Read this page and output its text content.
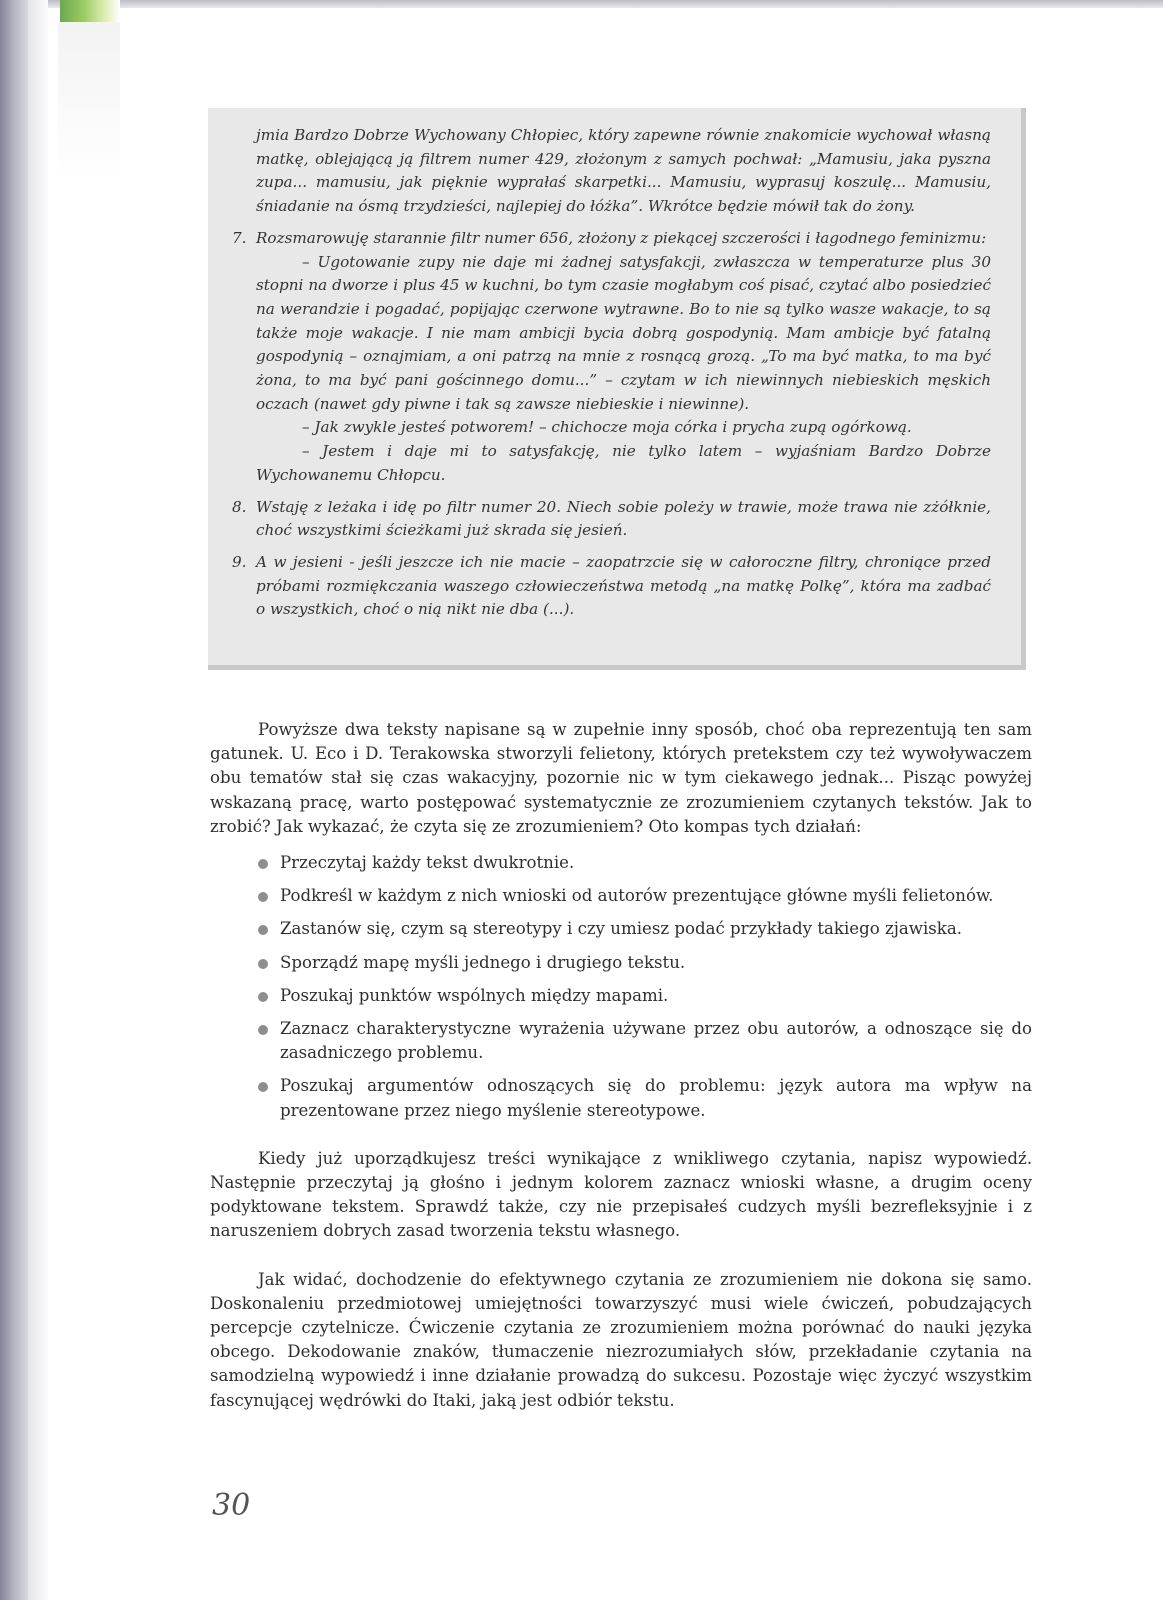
jmia Bardzo Dobrze Wychowany Chłopiec, który zapewne równie znakomicie wychował własną matkę, oblejającą ją filtrem numer 429, złożonym z samych pochwał: „Mamusiu, jaka pyszna zupa... mamusiu, jak pięknie wyprałaś skarpetki... Mamusiu, wyprasuj koszulę... Mamusiu, śniadanie na ósmą trzydzieści, najlepiej do łóżka”. Wkrótce będzie mówił tak do żony.

7. Rozsmarowuję starannie filtr numer 656, złożony z piekącej szczerości i łagodnego feminizmu:

– Ugotowanie zupy nie daje mi żadnej satysfakcji, zwłaszcza w temperaturze plus 30 stopni na dworze i plus 45 w kuchni, bo tym czasie mogłabym coś pisać, czytać albo posiedzieć na werandzie i pogadać, popijając czerwone wytrawne. Bo to nie są tylko wasze wakacje, to są także moje wakacje. I nie mam ambicji bycia dobrą gospodynią. Mam ambicje być fatalną gospodynią – oznajmiam, a oni patrzą na mnie z rosnącą grozą. „To ma być matka, to ma być żona, to ma być pani gościnnego domu...” – czytam w ich niewinnych niebieskich męskich oczach (nawet gdy piwne i tak są zawsze niebieskie i niewinne).

– Jak zwykle jesteś potworem! – chichocze moja córka i prycha zupą ogórkową.

– Jestem i daje mi to satysfakcję, nie tylko latem – wyjaśniam Bardzo Dobrze Wychowanemu Chłopcu.

8. Wstaję z leżaka i idę po filtr numer 20. Niech sobie poleży w trawie, może trawa nie zżółknie, choć wszystkimi ścieżkami już skrada się jesień.

9. A w jesieni - jeśli jeszcze ich nie macie – zaopatrzcie się w całoroczne filtry, chroniące przed próbami rozmiękczania waszego człowieczeństwa metodą „na matkę Polkę”, która ma zadbać o wszystkich, choć o nią nikt nie dba (...).

Powyższe dwa teksty napisane są w zupełnie inny sposób, choć oba reprezentują ten sam gatunek. U. Eco i D. Terakowska stworzyli felietony, których pretekstem czy też wywoływaczem obu tematów stał się czas wakacyjny, pozornie nic w tym ciekawego jednak... Pisząc powyżej wskazaną pracę, warto postępować systematycznie ze zrozumieniem czytanych tekstów. Jak to zrobić? Jak wykazać, że czyta się ze zrozumieniem? Oto kompas tych działań:

Przeczytaj każdy tekst dwukrotnie.
Podkreśl w każdym z nich wnioski od autorów prezentujące główne myśli felietonów.
Zastanów się, czym są stereotypy i czy umiesz podać przykłady takiego zjawiska.
Sporządź mapę myśli jednego i drugiego tekstu.
Poszukaj punktów wspólnych między mapami.
Zaznacz charakterystyczne wyrażenia używane przez obu autorów, a odnoszące się do zasadniczego problemu.
Poszukaj argumentów odnoszących się do problemu: język autora ma wpływ na prezentowane przez niego myślenie stereotypowe.

Kiedy już uporządkujesz treści wynikające z wnikliwego czytania, napisz wypowiedź. Następnie przeczytaj ją głośno i jednym kolorem zaznacz wnioski własne, a drugim oceny podyktowane tekstem. Sprawdź także, czy nie przepisałeś cudzych myśli bezrefleksyjnie i z naruszeniem dobrych zasad tworzenia tekstu własnego.

Jak widać, dochodzenie do efektywnego czytania ze zrozumieniem nie dokona się samo. Doskonaleniu przedmiotowej umiejętności towarzyszyć musi wiele ćwiczeń, pobudzających percepcje czytelnicze. Ćwiczenie czytania ze zrozumieniem można porównać do nauki języka obcego. Dekodowanie znaków, tłumaczenie niezrozumiałych słów, przekładanie czytania na samodzielną wypowiedź i inne działanie prowadzą do sukcesu. Pozostaje więc życzyć wszystkim fascynującej wędrówki do Itaki, jaką jest odbiór tekstu.

30
